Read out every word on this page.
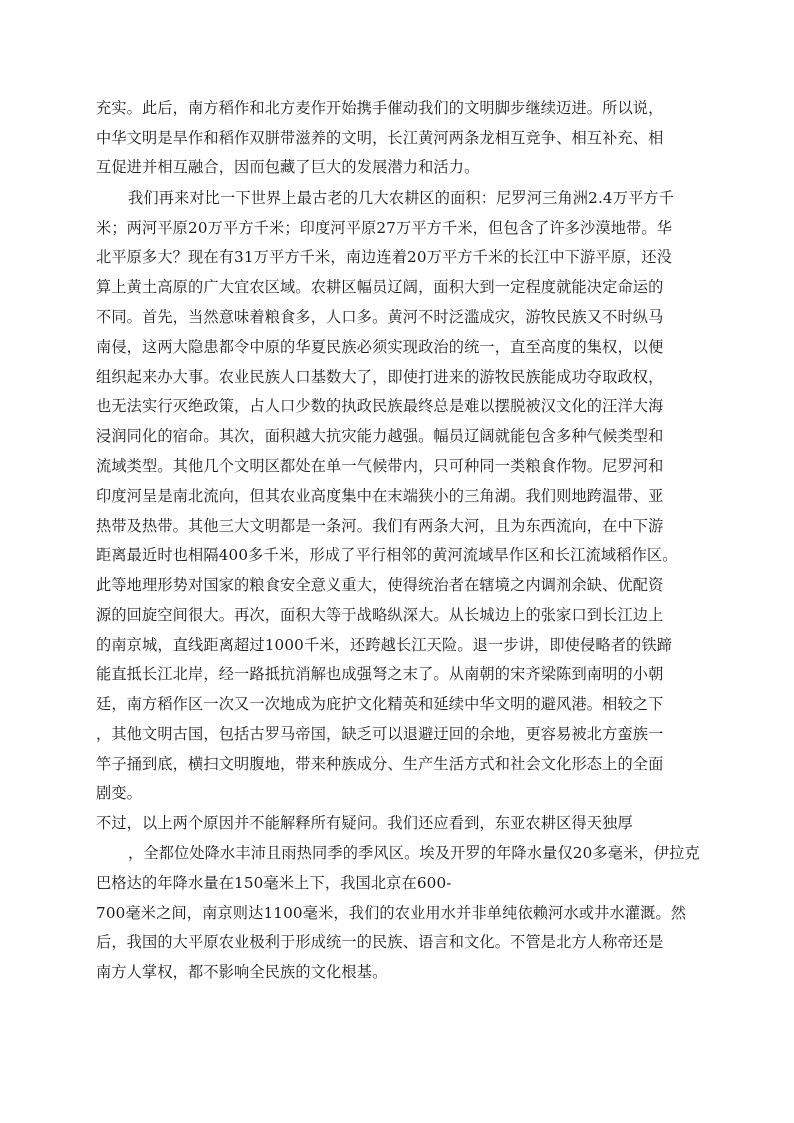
充实。此后，南方稻作和北方麦作开始携手催动我们的文明脚步继续迈进。所以说，
中华文明是旱作和稻作双胼带滋养的文明，长江黄河两条龙相互竞争、相互补充、相
互促进并相互融合，因而包藏了巨大的发展潜力和活力。
我们再来对比一下世界上最古老的几大农耕区的面积：尼罗河三角洲2.4万平方千
米；两河平原20万平方千米；印度河平原27万平方千米，但包含了许多沙漠地带。华
北平原多大？现在有31万平方千米，南边连着20万平方千米的长江中下游平原，还没
算上黄土高原的广大宜农区域。农耕区幅员辽阔，面积大到一定程度就能决定命运的
不同。首先，当然意味着粮食多，人口多。黄河不时泛滥成灾，游牧民族又不时纵马
南侵，这两大隐患都令中原的华夏民族必须实现政治的统一，直至高度的集权，以便
组织起来办大事。农业民族人口基数大了，即使打进来的游牧民族能成功夺取政权，
也无法实行灭绝政策，占人口少数的执政民族最终总是难以摆脱被汉文化的汪洋大海
浸润同化的宿命。其次，面积越大抗灾能力越强。幅员辽阔就能包含多种气候类型和
流域类型。其他几个文明区都处在单一气候带内，只可种同一类粮食作物。尼罗河和
印度河呈是南北流向，但其农业高度集中在末端狭小的三角湖。我们则地跨温带、亚
热带及热带。其他三大文明都是一条河。我们有两条大河，且为东西流向，在中下游
距离最近时也相隔400多千米，形成了平行相邻的黄河流域旱作区和长江流域稻作区。
此等地理形势对国家的粮食安全意义重大，使得统治者在辖境之内调剂余缺、优配资
源的回旋空间很大。再次，面积大等于战略纵深大。从长城边上的张家口到长江边上
的南京城，直线距离超过1000千米，还跨越长江天险。退一步讲，即使侵略者的铁蹄
能直抵长江北岸，经一路抵抗消解也成强弩之末了。从南朝的宋齐梁陈到南明的小朝
廷，南方稻作区一次又一次地成为庇护文化精英和延续中华文明的避风港。相较之下
，其他文明古国，包括古罗马帝国，缺乏可以退避迂回的余地，更容易被北方蛮族一
竿子捅到底，横扫文明腹地，带来种族成分、生产生活方式和社会文化形态上的全面
剧变。
不过，以上两个原因并不能解释所有疑问。我们还应看到，东亚农耕区得天独厚
，全都位处降水丰沛且雨热同季的季风区。埃及开罗的年降水量仅20多毫米，伊拉克
巴格达的年降水量在150毫米上下，我国北京在600-
700毫米之间，南京则达1100毫米，我们的农业用水并非单纯依赖河水或井水灌溉。然
后，我国的大平原农业极利于形成统一的民族、语言和文化。不管是北方人称帝还是
南方人掌权，都不影响全民族的文化根基。
